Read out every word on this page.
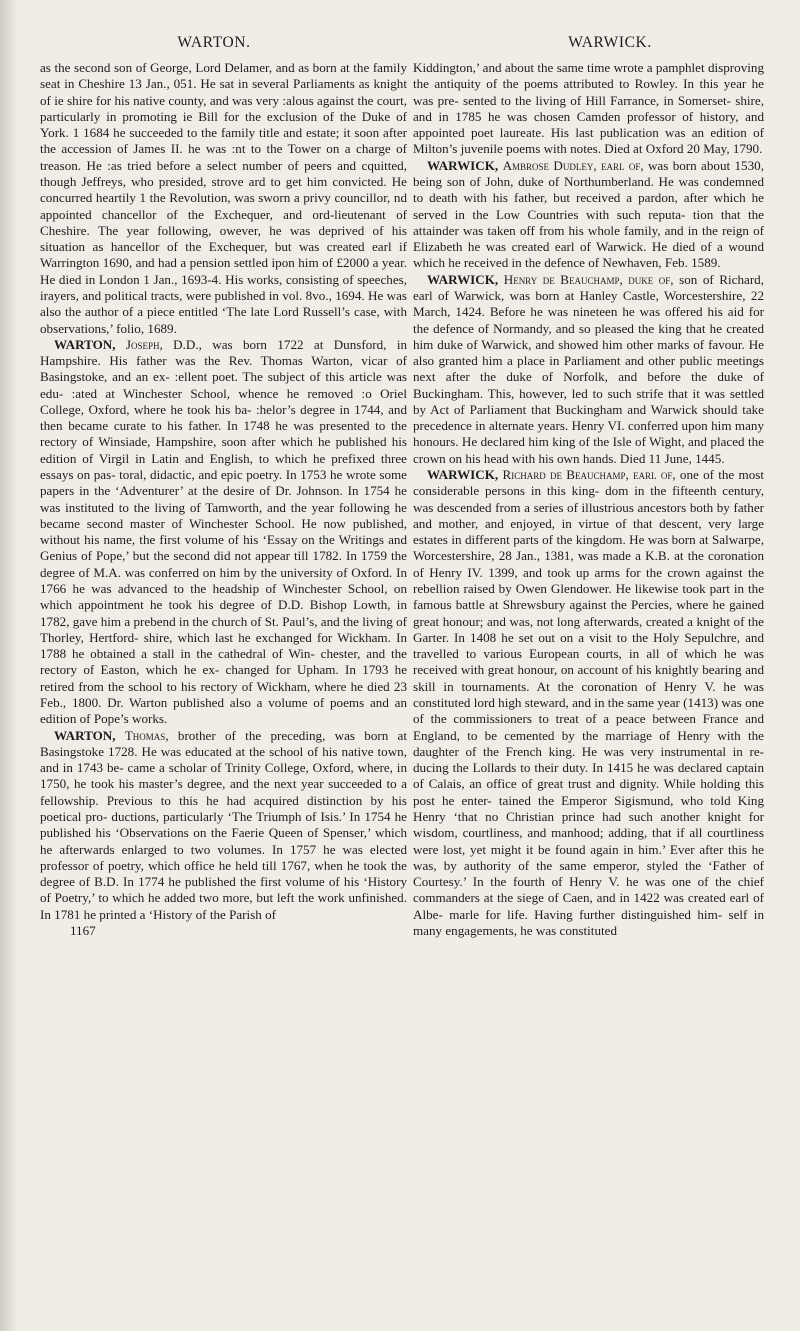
WARTON.	WARWICK.

as the second son of George, Lord Delamer, and as born at the family seat in Cheshire 13 Jan., 051. He sat in several Parliaments as knight of ie shire for his native county, and was very :alous against the court, particularly in promoting ie Bill for the exclusion of the Duke of York. 1 1684 he succeeded to the family title and estate; it soon after the accession of James II. he was :nt to the Tower on a charge of treason. He :as tried before a select number of peers and cquitted, though Jeffreys, who presided, strove ard to get him convicted. He concurred heartily 1 the Revolution, was sworn a privy councillor, nd appointed chancellor of the Exchequer, and ord-lieutenant of Cheshire. The year following, owever, he was deprived of his situation as hancellor of the Exchequer, but was created earl if Warrington 1690, and had a pension settled ipon him of £2000 a year. He died in London 1 Jan., 1693-4. His works, consisting of speeches, irayers, and political tracts, were published in vol. 8vo., 1694. He was also the author of a piece entitled ‘The late Lord Russell’s case, with observations,’ folio, 1689.

WARTON, Joseph, D.D., was born 1722 at Dunsford, in Hampshire. His father was the Rev. Thomas Warton, vicar of Basingstoke, and an ex- :ellent poet. The subject of this article was edu- :ated at Winchester School, whence he removed :o Oriel College, Oxford, where he took his ba- :helor’s degree in 1744, and then became curate to his father. In 1748 he was presented to the rectory of Winsiade, Hampshire, soon after which he published his edition of Virgil in Latin and English, to which he prefixed three essays on pas- toral, didactic, and epic poetry. In 1753 he wrote some papers in the ‘Adventurer’ at the desire of Dr. Johnson. In 1754 he was instituted to the living of Tamworth, and the year following he became second master of Winchester School. He now published, without his name, the first volume of his ‘Essay on the Writings and Genius of Pope,’ but the second did not appear till 1782. In 1759 the degree of M.A. was conferred on him by the university of Oxford. In 1766 he was advanced to the headship of Winchester School, on which appointment he took his degree of D.D. Bishop Lowth, in 1782, gave him a prebend in the church of St. Paul’s, and the living of Thorley, Hertford- shire, which last he exchanged for Wickham. In 1788 he obtained a stall in the cathedral of Win- chester, and the rectory of Easton, which he ex- changed for Upham. In 1793 he retired from the school to his rectory of Wickham, where he died 23 Feb., 1800. Dr. Warton published also a volume of poems and an edition of Pope’s works.

WARTON, Thomas, brother of the preceding, was born at Basingstoke 1728. He was educated at the school of his native town, and in 1743 be- came a scholar of Trinity College, Oxford, where, in 1750, he took his master’s degree, and the next year succeeded to a fellowship. Previous to this he had acquired distinction by his poetical pro- ductions, particularly ‘The Triumph of Isis.’ In 1754 he published his ‘Observations on the Faerie Queen of Spenser,’ which he afterwards enlarged to two volumes. In 1757 he was elected professor of poetry, which office he held till 1767, when he took the degree of B.D. In 1774 he published the first volume of his ‘History of Poetry,’ to which he added two more, but left the work unfinished. In 1781 he printed a ‘History of the Parish of

1167

Kiddington,’ and about the same time wrote a pamphlet disproving the antiquity of the poems attributed to Rowley. In this year he was pre- sented to the living of Hill Farrance, in Somerset- shire, and in 1785 he was chosen Camden professor of history, and appointed poet laureate. His last publication was an edition of Milton’s juvenile poems with notes. Died at Oxford 20 May, 1790.

WARWICK, Ambrose Dudley, earl of, was born about 1530, being son of John, duke of Northumberland. He was condemned to death with his father, but received a pardon, after which he served in the Low Countries with such reputa- tion that the attainder was taken off from his whole family, and in the reign of Elizabeth he was created earl of Warwick. He died of a wound which he received in the defence of Newhaven, Feb. 1589.

WARWICK, Henry de Beauchamp, duke of, son of Richard, earl of Warwick, was born at Hanley Castle, Worcestershire, 22 March, 1424. Before he was nineteen he was offered his aid for the defence of Normandy, and so pleased the king that he created him duke of Warwick, and showed him other marks of favour. He also granted him a place in Parliament and other public meetings next after the duke of Norfolk, and before the duke of Buckingham. This, however, led to such strife that it was settled by Act of Parliament that Buckingham and Warwick should take precedence in alternate years. Henry VI. conferred upon him many honours. He declared him king of the Isle of Wight, and placed the crown on his head with his own hands. Died 11 June, 1445.

WARWICK, Richard de Beauchamp, earl of, one of the most considerable persons in this king- dom in the fifteenth century, was descended from a series of illustrious ancestors both by father and mother, and enjoyed, in virtue of that descent, very large estates in different parts of the kingdom. He was born at Salwarpe, Worcestershire, 28 Jan., 1381, was made a K.B. at the coronation of Henry IV. 1399, and took up arms for the crown against the rebellion raised by Owen Glendower. He likewise took part in the famous battle at Shrewsbury against the Percies, where he gained great honour; and was, not long afterwards, created a knight of the Garter. In 1408 he set out on a visit to the Holy Sepulchre, and travelled to various European courts, in all of which he was received with great honour, on account of his knightly bearing and skill in tournaments. At the coronation of Henry V. he was constituted lord high steward, and in the same year (1413) was one of the commissioners to treat of a peace between France and England, to be cemented by the marriage of Henry with the daughter of the French king. He was very instrumental in re- ducing the Lollards to their duty. In 1415 he was declared captain of Calais, an office of great trust and dignity. While holding this post he enter- tained the Emperor Sigismund, who told King Henry ‘that no Christian prince had such another knight for wisdom, courtliness, and manhood; adding, that if all courtliness were lost, yet might it be found again in him.’ Ever after this he was, by authority of the same emperor, styled the ‘Father of Courtesy.’ In the fourth of Henry V. he was one of the chief commanders at the siege of Caen, and in 1422 was created earl of Albe- marle for life. Having further distinguished him- self in many engagements, he was constituted
